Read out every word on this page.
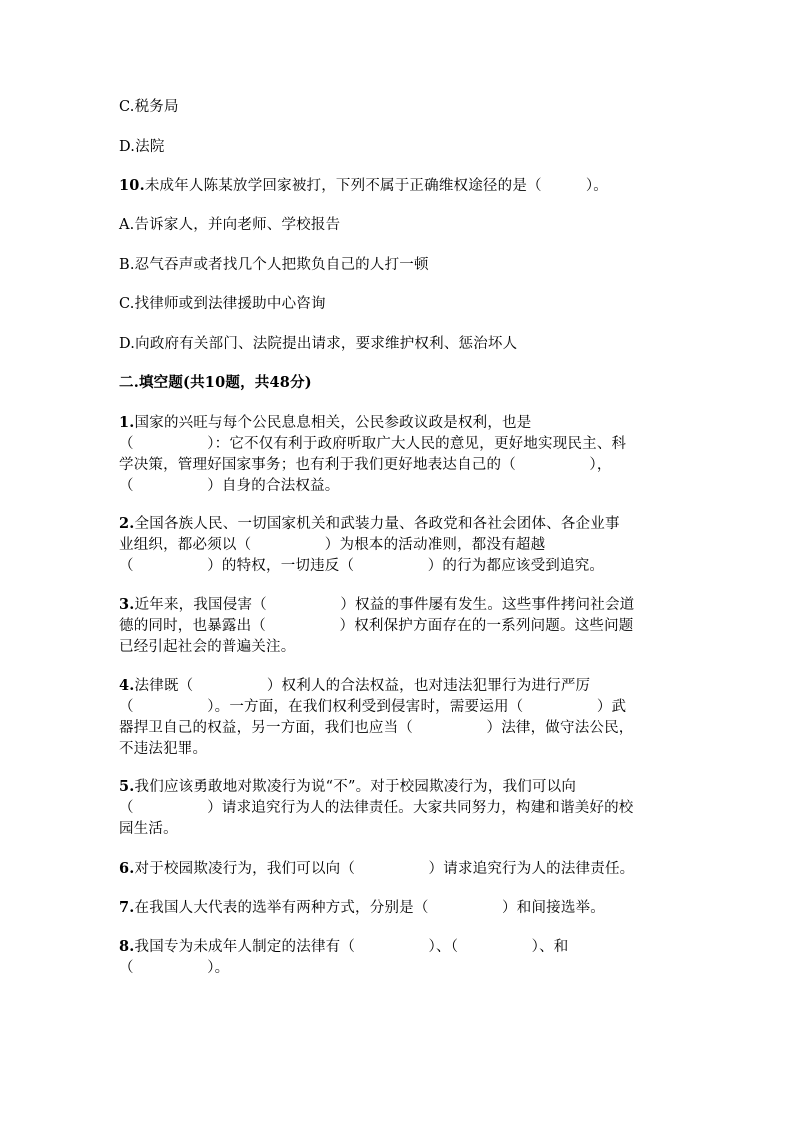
C.税务局
D.法院
10.未成年人陈某放学回家被打，下列不属于正确维权途径的是（　　　）。
A.告诉家人，并向老师、学校报告
B.忍气吞声或者找几个人把欺负自己的人打一顿
C.找律师或到法律援助中心咨询
D.向政府有关部门、法院提出请求，要求维护权利、惩治坏人
二.填空题(共10题，共48分)
1.国家的兴旺与每个公民息息相关，公民参政议政是权利，也是
（　　　　　）：它不仅有利于政府听取广大人民的意见，更好地实现民主、科
学决策，管理好国家事务；也有利于我们更好地表达自己的（　　　　　），
（　　　　　）自身的合法权益。
2.全国各族人民、一切国家机关和武装力量、各政党和各社会团体、各企业事
业组织，都必须以（　　　　　）为根本的活动准则，都没有超越
（　　　　　）的特权，一切违反（　　　　　）的行为都应该受到追究。
3.近年来，我国侵害（　　　　　）权益的事件屡有发生。这些事件拷问社会道
德的同时，也暴露出（　　　　　）权利保护方面存在的一系列问题。这些问题
已经引起社会的普遍关注。
4.法律既（　　　　　）权利人的合法权益，也对违法犯罪行为进行严厉
（　　　　　）。一方面，在我们权利受到侵害时，需要运用（　　　　　）武
器捍卫自己的权益，另一方面，我们也应当（　　　　　）法律，做守法公民，
不违法犯罪。
5.我们应该勇敢地对欺凌行为说“不”。对于校园欺凌行为，我们可以向
（　　　　　）请求追究行为人的法律责任。大家共同努力，构建和谐美好的校
园生活。
6.对于校园欺凌行为，我们可以向（　　　　　）请求追究行为人的法律责任。
7.在我国人大代表的选举有两种方式，分别是（　　　　　）和间接选举。
8.我国专为未成年人制定的法律有（　　　　　）、（　　　　　）、和
（　　　　　）。
